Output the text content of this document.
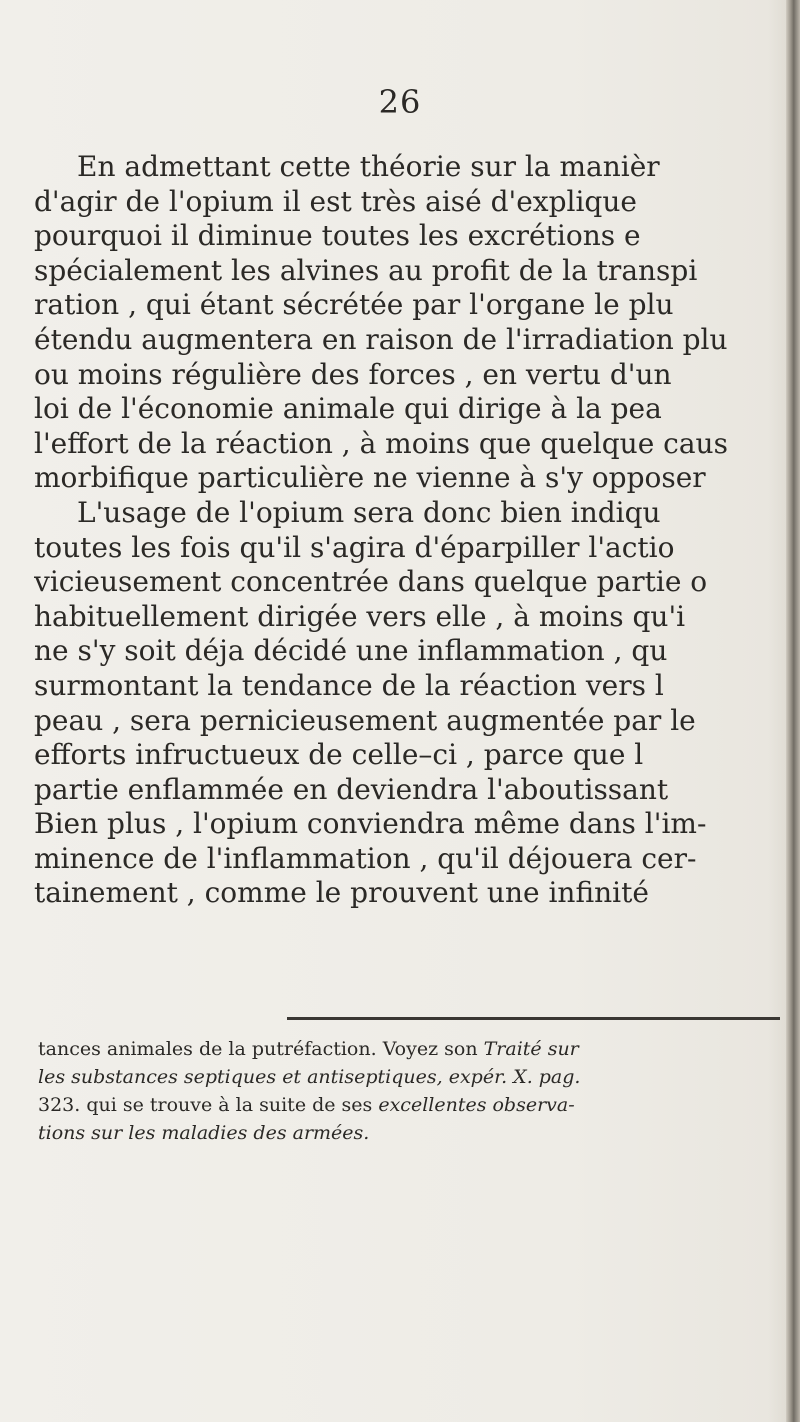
26
En admettant cette théorie sur la manièr
d'agir de l'opium il est très aisé d'explique
pourquoi il diminue toutes les excrétions e
spécialement les alvines au profit de la transpi
ration , qui étant sécrétée par l'organe le plu
étendu augmentera en raison de l'irradiation plu
ou moins régulière des forces , en vertu d'un
loi de l'économie animale qui dirige à la pea
l'effort de la réaction , à moins que quelque caus
morbifique particulière ne vienne à s'y opposer
L'usage de l'opium sera donc bien indiqu
toutes les fois qu'il s'agira d'éparpiller l'actio
vicieusement concentrée dans quelque partie o
habituellement dirigée vers elle , à moins qu'i
ne s'y soit déja décidé une inflammation , qu
surmontant la tendance de la réaction vers l
peau , sera pernicieusement augmentée par le
efforts infructueux de celle–ci , parce que l
partie enflammée en deviendra l'aboutissant
Bien plus , l'opium conviendra même dans l'im-
minence de l'inflammation , qu'il déjouera cer-
tainement , comme le prouvent une infinité
tances animales de la putréfaction. Voyez son Traité sur
les substances septiques et antiseptiques, expér. X. pag.
323. qui se trouve à la suite de ses excellentes observa-
tions sur les maladies des armées.
